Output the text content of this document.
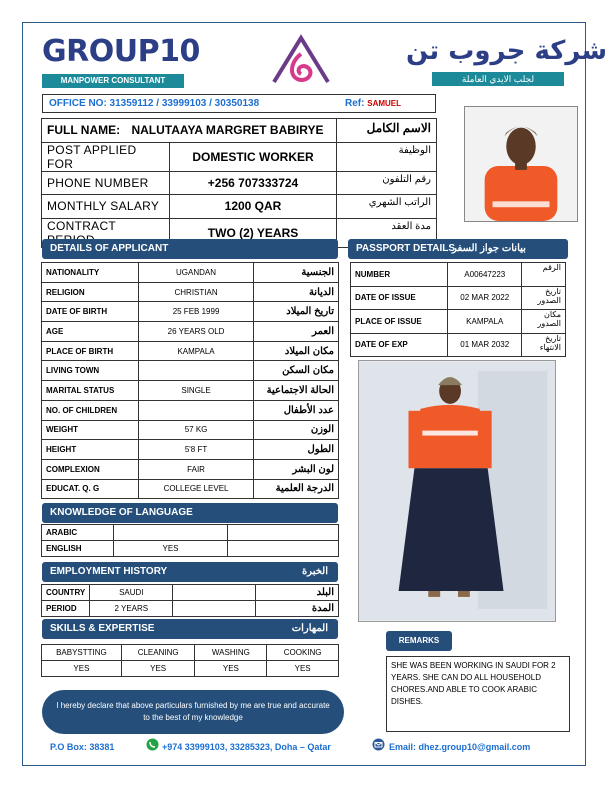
GROUP10
MANPOWER CONSULTANT
شركة جروب تن
لجلب الايدي العاملة
OFFICE NO: 31359112 / 33999103 / 30350138	Ref: SAMUEL
FULL NAME: NALUTAAYA MARGRET BABIRYE		الاسم الكامل
POST APPLIED FOR	DOMESTIC WORKER	الوظيفة
PHONE NUMBER	+256 707333724	رقم التلفون
MONTHLY SALARY	1200 QAR	الراتب الشهري
CONTRACT	TWO (2) YEARS	مدة العقد
DETAILS OF APPLICANT
NATIONALITY	UGANDAN	الجنسية
RELIGION	CHRISTIAN	الديانة
DATE OF BIRTH	25 FEB 1999	تاريخ الميلاد
AGE	26 YEARS OLD	العمر
PLACE OF BIRTH	KAMPALA	مكان الميلاد
LIVING TOWN		مكان السكن
MARITAL STATUS	SINGLE	الحالة الاجتماعية
NO. OF CHILDREN		عدد الأطفال
WEIGHT	57 KG	الوزن
HEIGHT	5'8 FT	الطول
COMPLEXION	FAIR	لون البشر
EDUCAT. Q. G	COLLEGE LEVEL	الدرجة العلمية
PASSPORT DETAILS
بيانات جواز السفر
NUMBER	A00647223	الرقم
DATE OF ISSUE	02 MAR 2022	تاريخ الصدور
PLACE OF ISSUE	KAMPALA	مكان الصدور
DATE OF EXP	01 MAR 2032	تاريخ الانتهاء
KNOWLEDGE OF LANGUAGE
ARABIC		
ENGLISH	YES	
EMPLOYMENT HISTORY	الخبرة
COUNTRY	SAUDI		البلد
PERIOD	2 YEARS		المدة
SKILLS & EXPERTISE	المهارات
BABYSTTING	CLEANING	WASHING	COOKING
YES	YES	YES	YES
REMARKS
SHE WAS BEEN WORKING IN SAUDI FOR 2 YEARS. SHE CAN DO ALL HOUSEHOLD CHORES.AND ABLE TO COOK ARABIC DISHES.
I hereby declare that above particulars furnished by me are true and accurate to the best of my knowledge
P.O Box: 38381	+974 33999103, 33285323, Doha – Qatar	Email: dhez.group10@gmail.com
